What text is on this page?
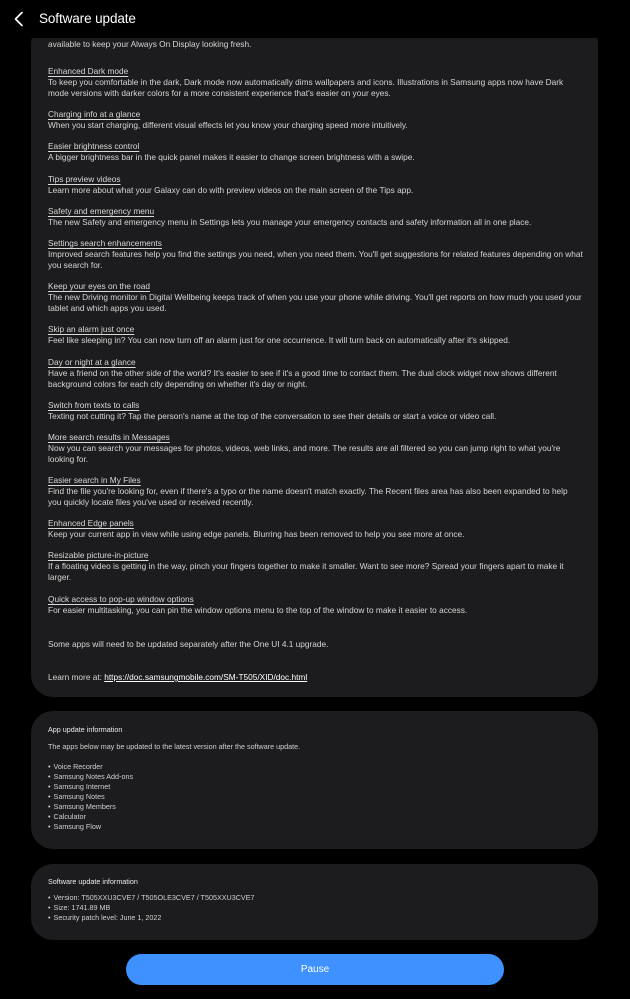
available to keep your Always On Display looking fresh.
Enhanced Dark mode
To keep you comfortable in the dark, Dark mode now automatically dims wallpapers and icons. Illustrations in Samsung apps now have Dark mode versions with darker colors for a more consistent experience that's easier on your eyes.
Charging info at a glance
When you start charging, different visual effects let you know your charging speed more intuitively.
Easier brightness control
A bigger brightness bar in the quick panel makes it easier to change screen brightness with a swipe.
Tips preview videos
Learn more about what your Galaxy can do with preview videos on the main screen of the Tips app.
Safety and emergency menu
The new Safety and emergency menu in Settings lets you manage your emergency contacts and safety information all in one place.
Settings search enhancements
Improved search features help you find the settings you need, when you need them. You'll get suggestions for related features depending on what you search for.
Keep your eyes on the road
The new Driving monitor in Digital Wellbeing keeps track of when you use your phone while driving. You'll get reports on how much you used your tablet and which apps you used.
Skip an alarm just once
Feel like sleeping in? You can now turn off an alarm just for one occurrence. It will turn back on automatically after it's skipped.
Day or night at a glance
Have a friend on the other side of the world? It's easier to see if it's a good time to contact them. The dual clock widget now shows different background colors for each city depending on whether it's day or night.
Switch from texts to calls
Texting not cutting it? Tap the person's name at the top of the conversation to see their details or start a voice or video call.
More search results in Messages
Now you can search your messages for photos, videos, web links, and more. The results are all filtered so you can jump right to what you're looking for.
Easier search in My Files
Find the file you're looking for, even if there's a typo or the name doesn't match exactly. The Recent files area has also been expanded to help you quickly locate files you've used or received recently.
Enhanced Edge panels
Keep your current app in view while using edge panels. Blurring has been removed to help you see more at once.
Resizable picture-in-picture
If a floating video is getting in the way, pinch your fingers together to make it smaller. Want to see more? Spread your fingers apart to make it larger.
Quick access to pop-up window options
For easier multitasking, you can pin the window options menu to the top of the window to make it easier to access.
Some apps will need to be updated separately after the One UI 4.1 upgrade.
Learn more at: https://doc.samsungmobile.com/SM-T505/XID/doc.html
App update information
The apps below may be updated to the latest version after the software update.
• Voice Recorder
• Samsung Notes Add-ons
• Samsung Internet
• Samsung Notes
• Samsung Members
• Calculator
• Samsung Flow
Software update information
• Version: T505XXU3CVE7 / T505OLE3CVE7 / T505XXU3CVE7
• Size: 1741.89 MB
• Security patch level: June 1, 2022
Software update
Pause
